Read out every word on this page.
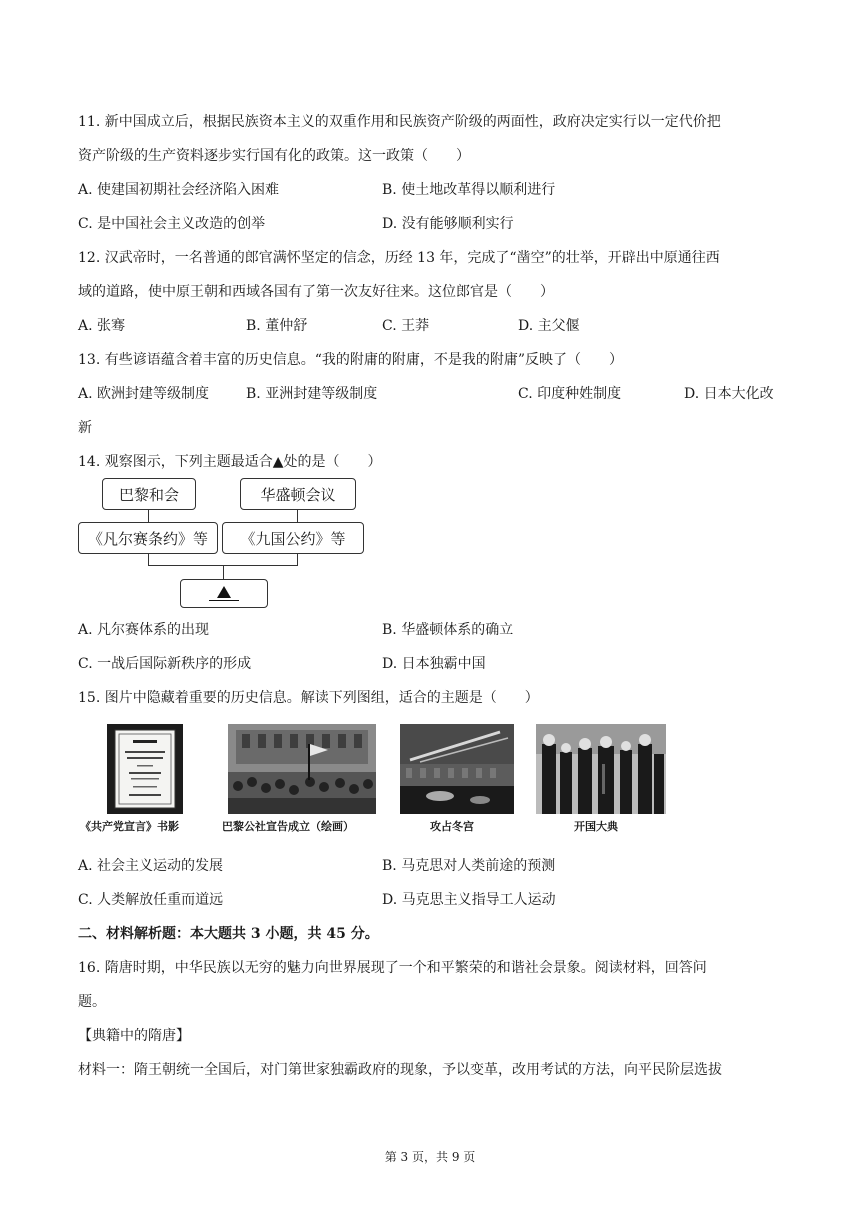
11. 新中国成立后，根据民族资本主义的双重作用和民族资产阶级的两面性，政府决定实行以一定代价把
资产阶级的生产资料逐步实行国有化的政策。这一政策（　　）
A. 使建国初期社会经济陷入困难	B. 使土地改革得以顺利进行
C. 是中国社会主义改造的创举	D. 没有能够顺利实行
12. 汉武帝时，一名普通的郎官满怀坚定的信念，历经 13 年，完成了“凿空”的壮举，开辟出中原通往西
域的道路，使中原王朝和西域各国有了第一次友好往来。这位郎官是（　　）
A. 张骞	B. 董仲舒	C. 王莽	D. 主父偃
13. 有些谚语蕴含着丰富的历史信息。“我的附庸的附庸，不是我的附庸”反映了（　　）
A. 欧洲封建等级制度	B. 亚洲封建等级制度	C. 印度种姓制度	D. 日本大化改
新
14. 观察图示，下列主题最适合▲处的是（　　）
巴黎和会	华盛顿会议
《凡尔赛条约》等	《九国公约》等
A. 凡尔赛体系的出现	B. 华盛顿体系的确立
C. 一战后国际新秩序的形成	D. 日本独霸中国
15. 图片中隐藏着重要的历史信息。解读下列图组，适合的主题是（　　）
《共产党宣言》书影	巴黎公社宣告成立（绘画）	攻占冬宫	开国大典
A. 社会主义运动的发展	B. 马克思对人类前途的预测
C. 人类解放任重而道远	D. 马克思主义指导工人运动
二、材料解析题：本大题共 3 小题，共 45 分。
16. 隋唐时期，中华民族以无穷的魅力向世界展现了一个和平繁荣的和谐社会景象。阅读材料，回答问
题。
【典籍中的隋唐】
材料一：隋王朝统一全国后，对门第世家独霸政府的现象，予以变革，改用考试的方法，向平民阶层选拔
第 3 页，共 9 页
